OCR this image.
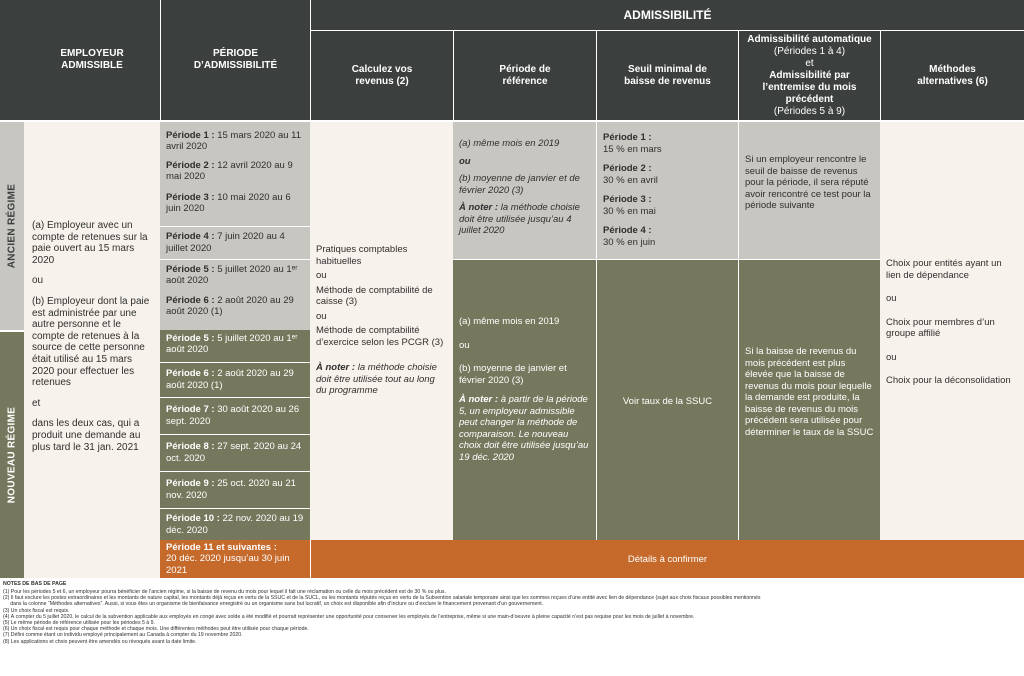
EMPLOYEUR ADMISSIBLE
PÉRIODE D’ADMISSIBILITÉ
ADMISSIBILITÉ
Calculez vos revenus (2)
Période de référence
Seuil minimal de baisse de revenus
Admissibilité automatique
(Périodes 1 à 4)
et
Admissibilité par l’entremise du mois précédent
(Périodes 5 à 9)
Méthodes alternatives (6)
ANCIEN RÉGIME
NOUVEAU RÉGIME

(a) Employeur avec un compte de retenues sur la paie ouvert au 15 mars 2020

ou

(b) Employeur dont la paie est administrée par une autre personne et le compte de retenues à la source de cette personne était utilisé au 15 mars 2020 pour effectuer les retenues

et

dans les deux cas, qui a produit une demande au plus tard le 31 jan. 2021

Période 1 : 15 mars 2020 au 11 avril 2020

Période 2 : 12 avril 2020 au 9 mai 2020

Période 3 : 10 mai 2020 au 6 juin 2020

Période 4 : 7 juin 2020 au 4 juillet 2020

Période 5 : 5 juillet 2020 au 1ᵉʳ août 2020

Période 6 : 2 août 2020 au 29 août 2020 (1)

Période 5 : 5 juillet 2020 au 1ᵉʳ août 2020

Période 6 : 2 août 2020 au 29 août 2020 (1)

Période 7 : 30 août 2020 au 26 sept. 2020

Période 8 : 27 sept. 2020 au 24 oct. 2020

Période 9 : 25 oct. 2020 au 21 nov. 2020

Période 10 : 22 nov. 2020 au 19 déc. 2020

Pratiques comptables habituelles

ou

Méthode de comptabilité de caisse (3)

ou

Méthode de comptabilité d’exercice selon les PCGR (3)

À noter : la méthode choisie doit être utilisée tout au long du programme

(a) même mois en 2019

ou

(b) moyenne de janvier et de février 2020 (3)

À noter : la méthode choisie doit être utilisée jusqu’au 4 juillet 2020

(a) même mois en 2019

ou

(b) moyenne de janvier et février 2020 (3)

À noter : à partir de la période 5, un employeur admissible peut changer la méthode de comparaison. Le nouveau choix doit être utilisée jusqu’au 19 déc. 2020

Période 1 :
15 % en mars

Période 2 :
30 % en avril

Période 3 :
30 % en mai

Période 4 :
30 % en juin

Voir taux de la SSUC

Si un employeur rencontre le seuil de baisse de revenus pour la période, il sera réputé avoir rencontré ce test pour la période suivante

Si la baisse de revenus du mois précédent est plus élevée que la baisse de revenus du mois pour lequelle la demande est produite, la baisse de revenus du mois précédent sera utilisée pour déterminer le taux de la SSUC

Choix pour entités ayant un lien de dépendance

ou

Choix pour membres d’un groupe affilié

ou

Choix pour la déconsolidation

Période 11 et suivantes :
20 déc. 2020 jusqu’au 30 juin 2021

Détails à confirmer
NOTES DE BAS DE PAGE
(1) Pour les périodes 5 et 6, un employeur pourra bénéficier de l’ancien régime, si la baisse de revenu du mois pour lequel il fait une réclamation ou celle du mois précédent est de 30 % ou plus.
(2) Il faut exclure les postes extraordinaires et les montants de nature capital, les montants déjà reçus en vertu de la SSUC et de la SUCL, ou les montants réputés reçus en vertu de la Subvention salariale temporaire ainsi que les sommes reçues d’une entité avec lien de dépendance (sujet aux choix fiscaux possibles mentionnés
dans la colonne “Méthodes alternatives”. Aussi, si vous êtes un organisme de bienfaisance enregistré ou un organisme sans but lucratif, un choix est disponible afin d’inclure ou d’exclure le financement provenant d’un gouvernement.
(3) Un choix fiscal est requis.
(4) À compter du 5 juillet 2020, le calcul de la subvention applicable aux employés en congé avec solde a été modifié et pourrait représenter une opportunité pour conserver les employés de l’entreprise, même si une main-d’oeuvre à pleine capacité n’est pas requise pour les mois de juillet à novembre.
(5) Le même période de référence utilisée pour les périodes 5 à 9.
(6) Un choix fiscal est requis pour chaque méthode et chaque mois. Une différentes méthodes peut être utilisée pour chaque période.
(7) Défini comme étant un individu employé principalement au Canada à compter du 19 novembre 2020.
(8) Les applications et choix peuvent être amendés ou révoqués avant la date limite.
